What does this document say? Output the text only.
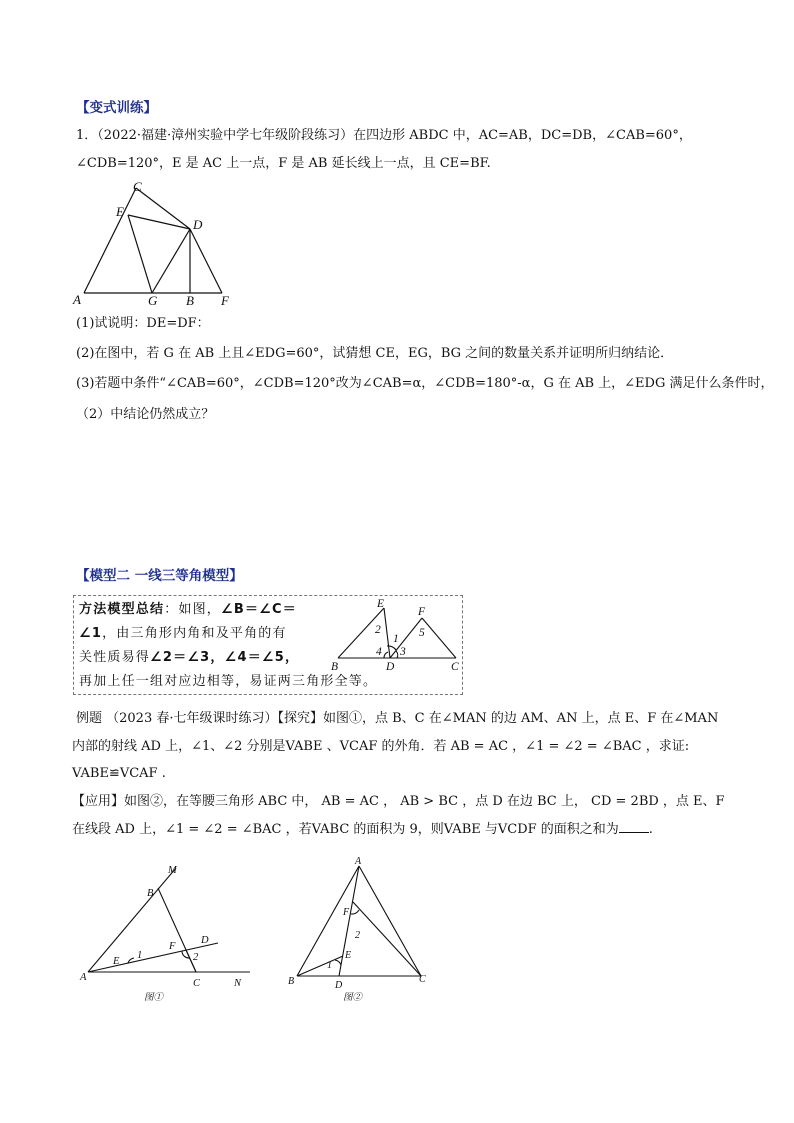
【变式训练】
1．（2022·福建·漳州实验中学七年级阶段练习）在四边形 ABDC 中，AC=AB，DC=DB，∠CAB=60°，
∠CDB=120°，E 是 AC 上一点，F 是 AB 延长线上一点，且 CE=BF.
C
E
D
A	G B F
(1)试说明：DE=DF：
(2)在图中，若 G 在 AB 上且∠EDG=60°，试猜想 CE，EG，BG 之间的数量关系并证明所归纳结论．
(3)若题中条件“∠CAB=60°，∠CDB=120°改为∠CAB=α，∠CDB=180°-α，G 在 AB 上，∠EDG 满足什么条件时，
（2）中结论仍然成立？
【模型二 一线三等角模型】
方法模型总结：如图，∠B＝∠C＝
∠1，由三角形内角和及平角的有
关性质易得∠2＝∠3，∠4＝∠5，
再加上任一组对应边相等，易证两三角形全等。
E
F
2
1 5
4 3
B	D	C
例题 （2023 春·七年级课时练习）【探究】如图①，点 B、C 在∠MAN 的边 AM、AN 上，点 E、F 在∠MAN
内部的射线 AD 上，∠1、∠2 分别是VABE 、VCAF 的外角．若 AB = AC ，∠1 = ∠2 = ∠BAC ，求证:
VABE≌VCAF .
【应用】如图②，在等腰三角形 ABC 中， AB = AC ， AB > BC ，点 D 在边 BC 上， CD = 2BD ，点 E、F
在线段 AD 上，∠1 = ∠2 = ∠BAC ，若VABC 的面积为 9，则VABE 与VCDF 的面积之和为 .
M
B
D
F
1	2
E
A
C	N
图①
A
F
2
E
1
B	D
C
图②
